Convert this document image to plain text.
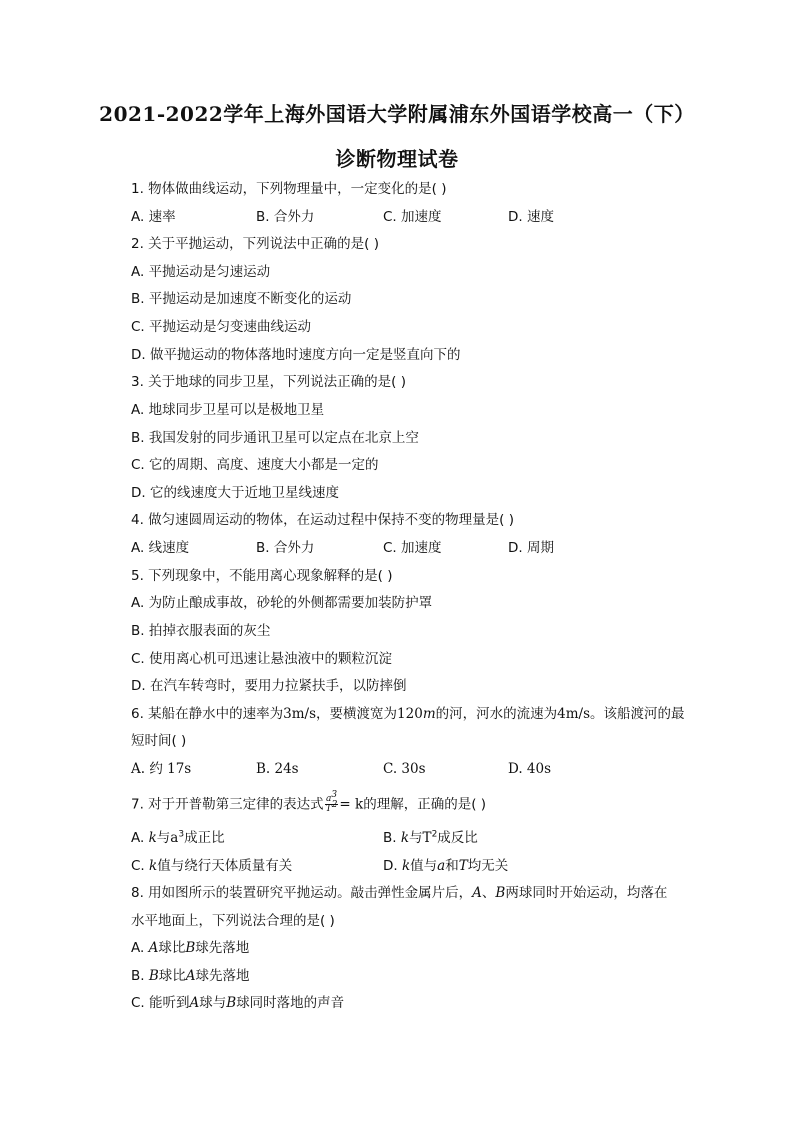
2021-2022学年上海外国语大学附属浦东外国语学校高一（下）
诊断物理试卷
1. 物体做曲线运动，下列物理量中，一定变化的是( )
A. 速率	B. 合外力	C. 加速度	D. 速度
2. 关于平抛运动，下列说法中正确的是( )
A. 平抛运动是匀速运动
B. 平抛运动是加速度不断变化的运动
C. 平抛运动是匀变速曲线运动
D. 做平抛运动的物体落地时速度方向一定是竖直向下的
3. 关于地球的同步卫星，下列说法正确的是( )
A. 地球同步卫星可以是极地卫星
B. 我国发射的同步通讯卫星可以定点在北京上空
C. 它的周期、高度、速度大小都是一定的
D. 它的线速度大于近地卫星线速度
4. 做匀速圆周运动的物体，在运动过程中保持不变的物理量是( )
A. 线速度	B. 合外力	C. 加速度	D. 周期
5. 下列现象中，不能用离心现象解释的是( )
A. 为防止酿成事故，砂轮的外侧都需要加装防护罩
B. 拍掉衣服表面的灰尘
C. 使用离心机可迅速让悬浊液中的颗粒沉淀
D. 在汽车转弯时，要用力拉紧扶手，以防摔倒
6. 某船在静水中的速率为3m/s，要横渡宽为120m的河，河水的流速为4m/s。该船渡河的最
短时间( )
A. 约 17s	B. 24s	C. 30s	D. 40s
7. 对于开普勒第三定律的表达式 $\frac{a^3}{T^2} = k$的理解，正确的是( )
A. k与$a^3$成正比	B. k与$T^2$成反比
C. k值与绕行天体质量有关	D. k值与a和T均无关
8. 用如图所示的装置研究平抛运动。敲击弹性金属片后，A、B两球同时开始运动，均落在
水平地面上，下列说法合理的是( )
A. A球比B球先落地
B. B球比A球先落地
C. 能听到A球与B球同时落地的声音
